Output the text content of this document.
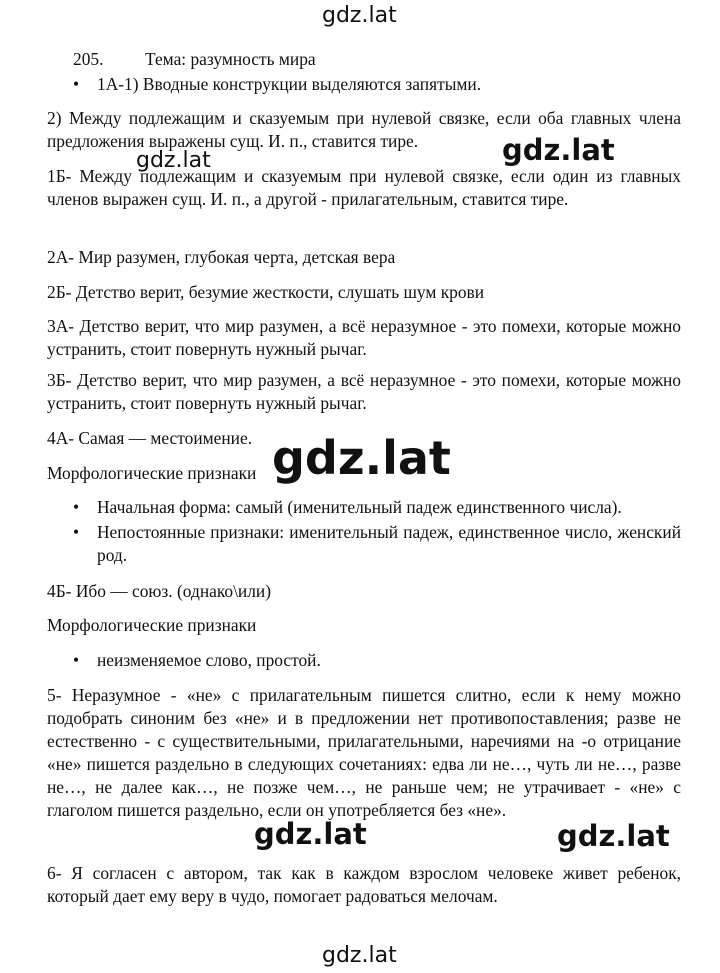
gdz.lat
205. Тема: разумность мира

• 1А-1) Вводные конструкции выделяются запятыми.

2) Между подлежащим и сказуемым при нулевой связке, если оба главных члена предложения выражены сущ. И. п., ставится тире.

gdz.lat	gdz.lat

1Б- Между подлежащим и сказуемым при нулевой связке, если один из главных членов выражен сущ. И. п., а другой - прилагательным, ставится тире.

2А- Мир разумен, глубокая черта, детская вера

2Б- Детство верит, безумие жесткости, слушать шум крови

3А- Детство верит, что мир разумен, а всё неразумное - это помехи, которые можно устранить, стоит повернуть нужный рычаг.

3Б- Детство верит, что мир разумен, а всё неразумное - это помехи, которые можно устранить, стоит повернуть нужный рычаг.

4А- Самая — местоимение.

Морфологические признаки gdz.lat

• Начальная форма: самый (именительный падеж единственного числа).

• Непостоянные признаки: именительный падеж, единственное число, женский род.

4Б- Ибо — союз. (однако\или)

Морфологические признаки

• неизменяемое слово, простой.

5- Неразумное - «не» с прилагательным пишется слитно, если к нему можно подобрать синоним без «не» и в предложении нет противопоставления; разве не естественно - с существительными, прилагательными, наречиями на -о отрицание «не» пишется раздельно в следующих сочетаниях: едва ли не…, чуть ли не…, разве не…, не далее как…, не позже чем…, не раньше чем; не утрачивает - «не» с глаголом пишется раздельно, если он употребляется без «не».

gdz.lat	gdz.lat

6- Я согласен с автором, так как в каждом взрослом человеке живет ребенок, который дает ему веру в чудо, помогает радоваться мелочам.

gdz.lat
